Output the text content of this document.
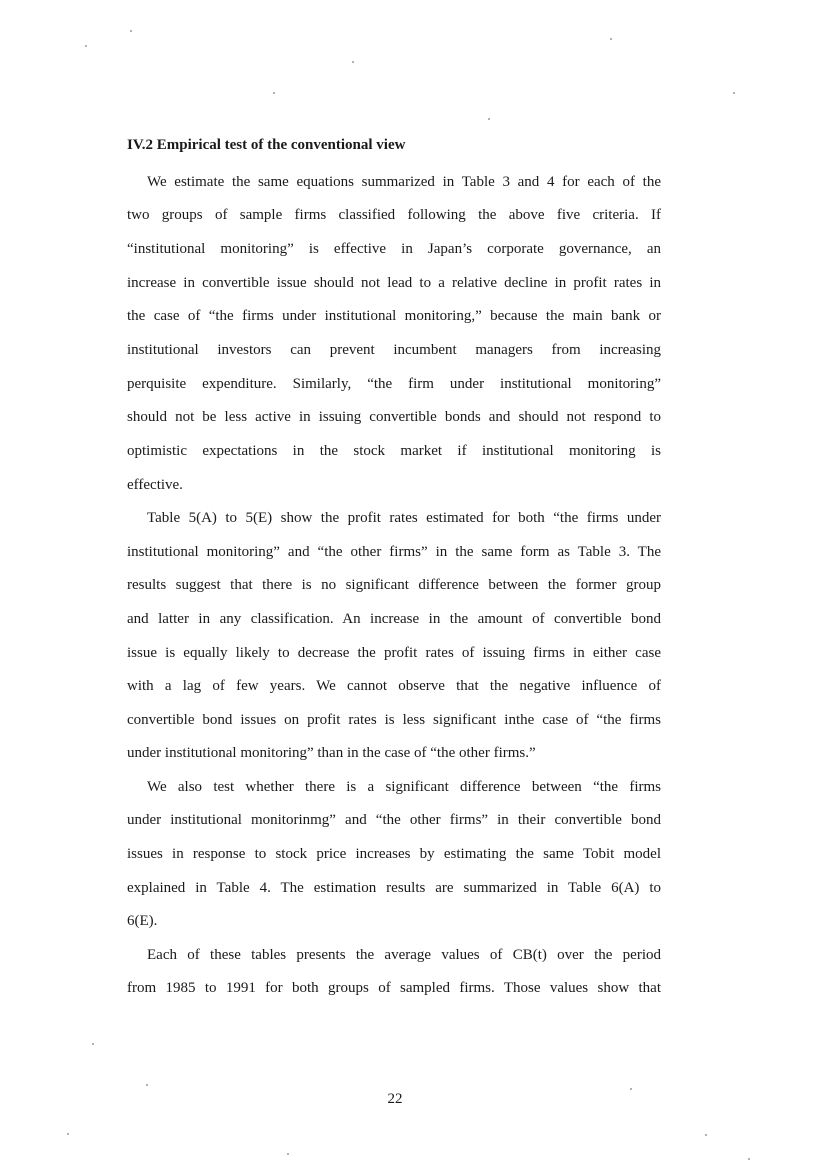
IV.2 Empirical test of the conventional view
We estimate the same equations summarized in Table 3 and 4 for each of the
two groups of sample firms classified following the above five criteria. If
“institutional monitoring” is effective in Japan’s corporate governance, an
increase in convertible issue should not lead to a relative decline in profit rates in
the case of “the firms under institutional monitoring,” because the main bank or
institutional investors can prevent incumbent managers from increasing
perquisite expenditure. Similarly, “the firm under institutional monitoring”
should not be less active in issuing convertible bonds and should not respond to
optimistic expectations in the stock market if institutional monitoring is
effective.
Table 5(A) to 5(E) show the profit rates estimated for both “the firms under
institutional monitoring” and “the other firms” in the same form as Table 3. The
results suggest that there is no significant difference between the former group
and latter in any classification. An increase in the amount of convertible bond
issue is equally likely to decrease the profit rates of issuing firms in either case
with a lag of few years. We cannot observe that the negative influence of
convertible bond issues on profit rates is less significant inthe case of “the firms
under institutional monitoring” than in the case of “the other firms.”
We also test whether there is a significant difference between “the firms
under institutional monitorinmg” and “the other firms” in their convertible bond
issues in response to stock price increases by estimating the same Tobit model
explained in Table 4. The estimation results are summarized in Table 6(A) to
6(E).
Each of these tables presents the average values of CB(t) over the period
from 1985 to 1991 for both groups of sampled firms. Those values show that
22
